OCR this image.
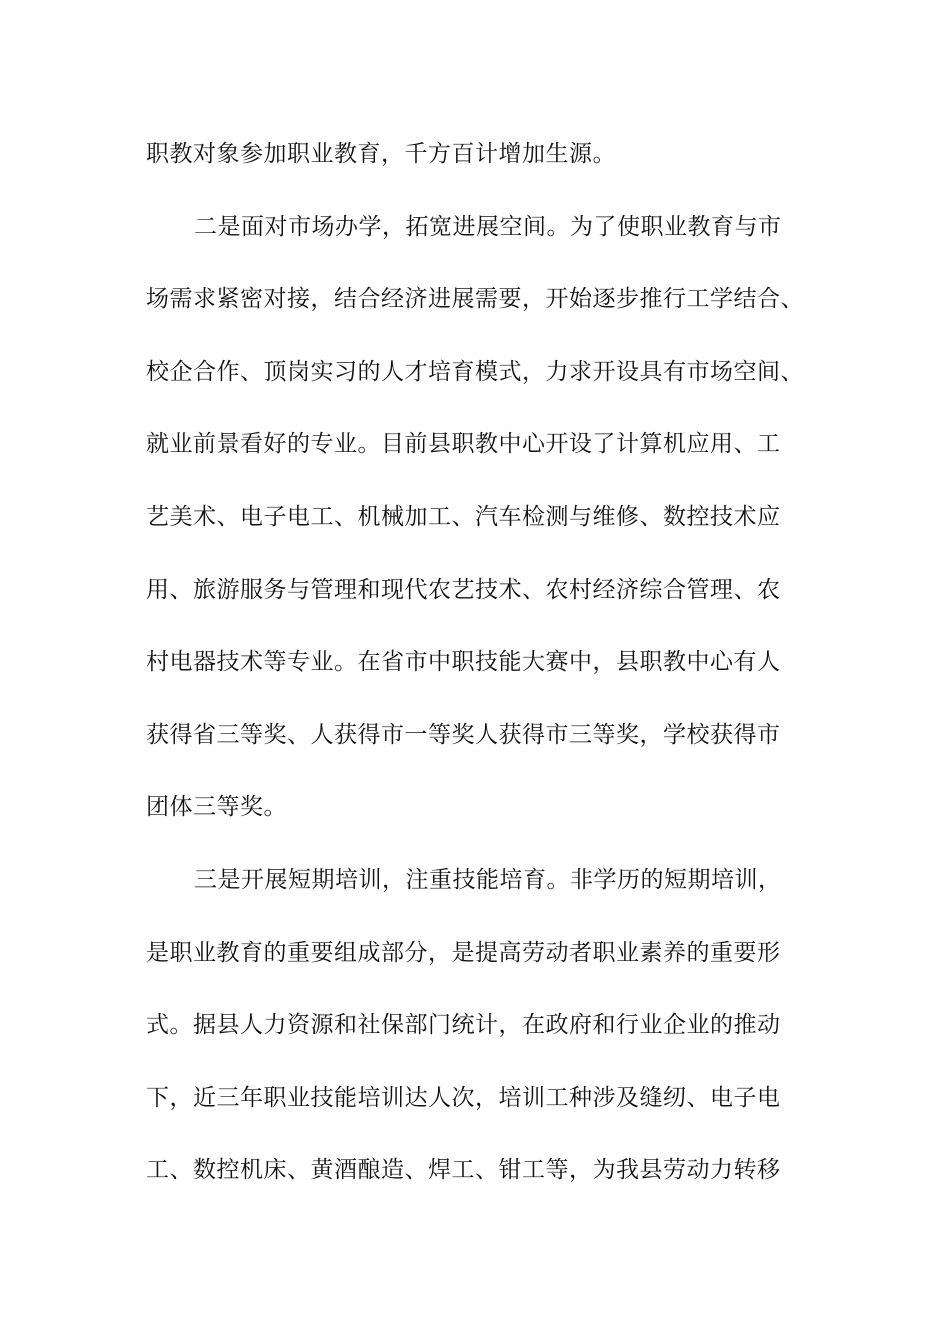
职教对象参加职业教育，千方百计增加生源。
二是面对市场办学，拓宽进展空间。为了使职业教育与市
场需求紧密对接，结合经济进展需要，开始逐步推行工学结合、
校企合作、顶岗实习的人才培育模式，力求开设具有市场空间、
就业前景看好的专业。目前县职教中心开设了计算机应用、工
艺美术、电子电工、机械加工、汽车检测与维修、数控技术应
用、旅游服务与管理和现代农艺技术、农村经济综合管理、农
村电器技术等专业。在省市中职技能大赛中，县职教中心有人
获得省三等奖、人获得市一等奖人获得市三等奖，学校获得市
团体三等奖。
三是开展短期培训，注重技能培育。非学历的短期培训，
是职业教育的重要组成部分，是提高劳动者职业素养的重要形
式。据县人力资源和社保部门统计，在政府和行业企业的推动
下，近三年职业技能培训达人次，培训工种涉及缝纫、电子电
工、数控机床、黄酒酿造、焊工、钳工等，为我县劳动力转移
